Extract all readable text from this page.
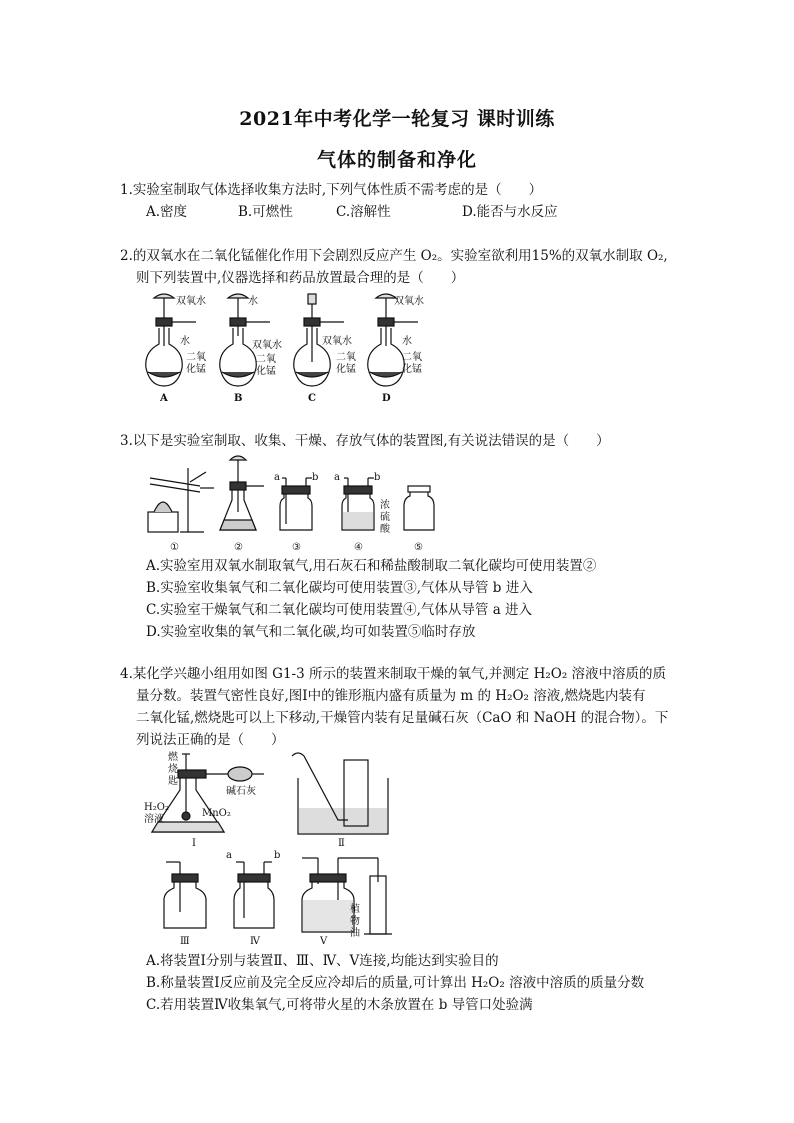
2021年中考化学一轮复习 课时训练
气体的制备和净化
1.实验室制取气体选择收集方法时,下列气体性质不需考虑的是（　　）
A.密度	B.可燃性	C.溶解性	D.能否与水反应
2.的双氧水在二氧化锰催化作用下会剧烈反应产生 O₂。实验室欲利用15%的双氧水制取 O₂,
则下列装置中,仪器选择和药品放置最合理的是（　　）
双氧水
水
二氧
化锰
水
双氧水
二氧
化锰
双氧水
二氧
化锰
双氧水
水
二氧
化锰
A	B	C	D
3.以下是实验室制取、收集、干燥、存放气体的装置图,有关说法错误的是（　　）
a	b a	b
浓
硫
酸
①	②	③	④	⑤
A.实验室用双氧水制取氧气,用石灰石和稀盐酸制取二氧化碳均可使用装置②
B.实验室收集氧气和二氧化碳均可使用装置③,气体从导管 b 进入
C.实验室干燥氧气和二氧化碳均可使用装置④,气体从导管 a 进入
D.实验室收集的氧气和二氧化碳,均可如装置⑤临时存放
4.某化学兴趣小组用如图 G1-3 所示的装置来制取干燥的氧气,并测定 H₂O₂ 溶液中溶质的质
量分数。装置气密性良好,图Ⅰ中的锥形瓶内盛有质量为 m 的 H₂O₂ 溶液,燃烧匙内装有
二氧化锰,燃烧匙可以上下移动,干燥管内装有足量碱石灰（CaO 和 NaOH 的混合物）。下
列说法正确的是（　　）
燃
烧
匙
碱石灰
H₂O₂
溶液
MnO₂
植
物
油
a	b
Ⅰ	Ⅱ
Ⅲ	Ⅳ	Ⅴ
A.将装置Ⅰ分别与装置Ⅱ、Ⅲ、Ⅳ、Ⅴ连接,均能达到实验目的
B.称量装置Ⅰ反应前及完全反应冷却后的质量,可计算出 H₂O₂ 溶液中溶质的质量分数
C.若用装置Ⅳ收集氧气,可将带火星的木条放置在 b 导管口处验满
